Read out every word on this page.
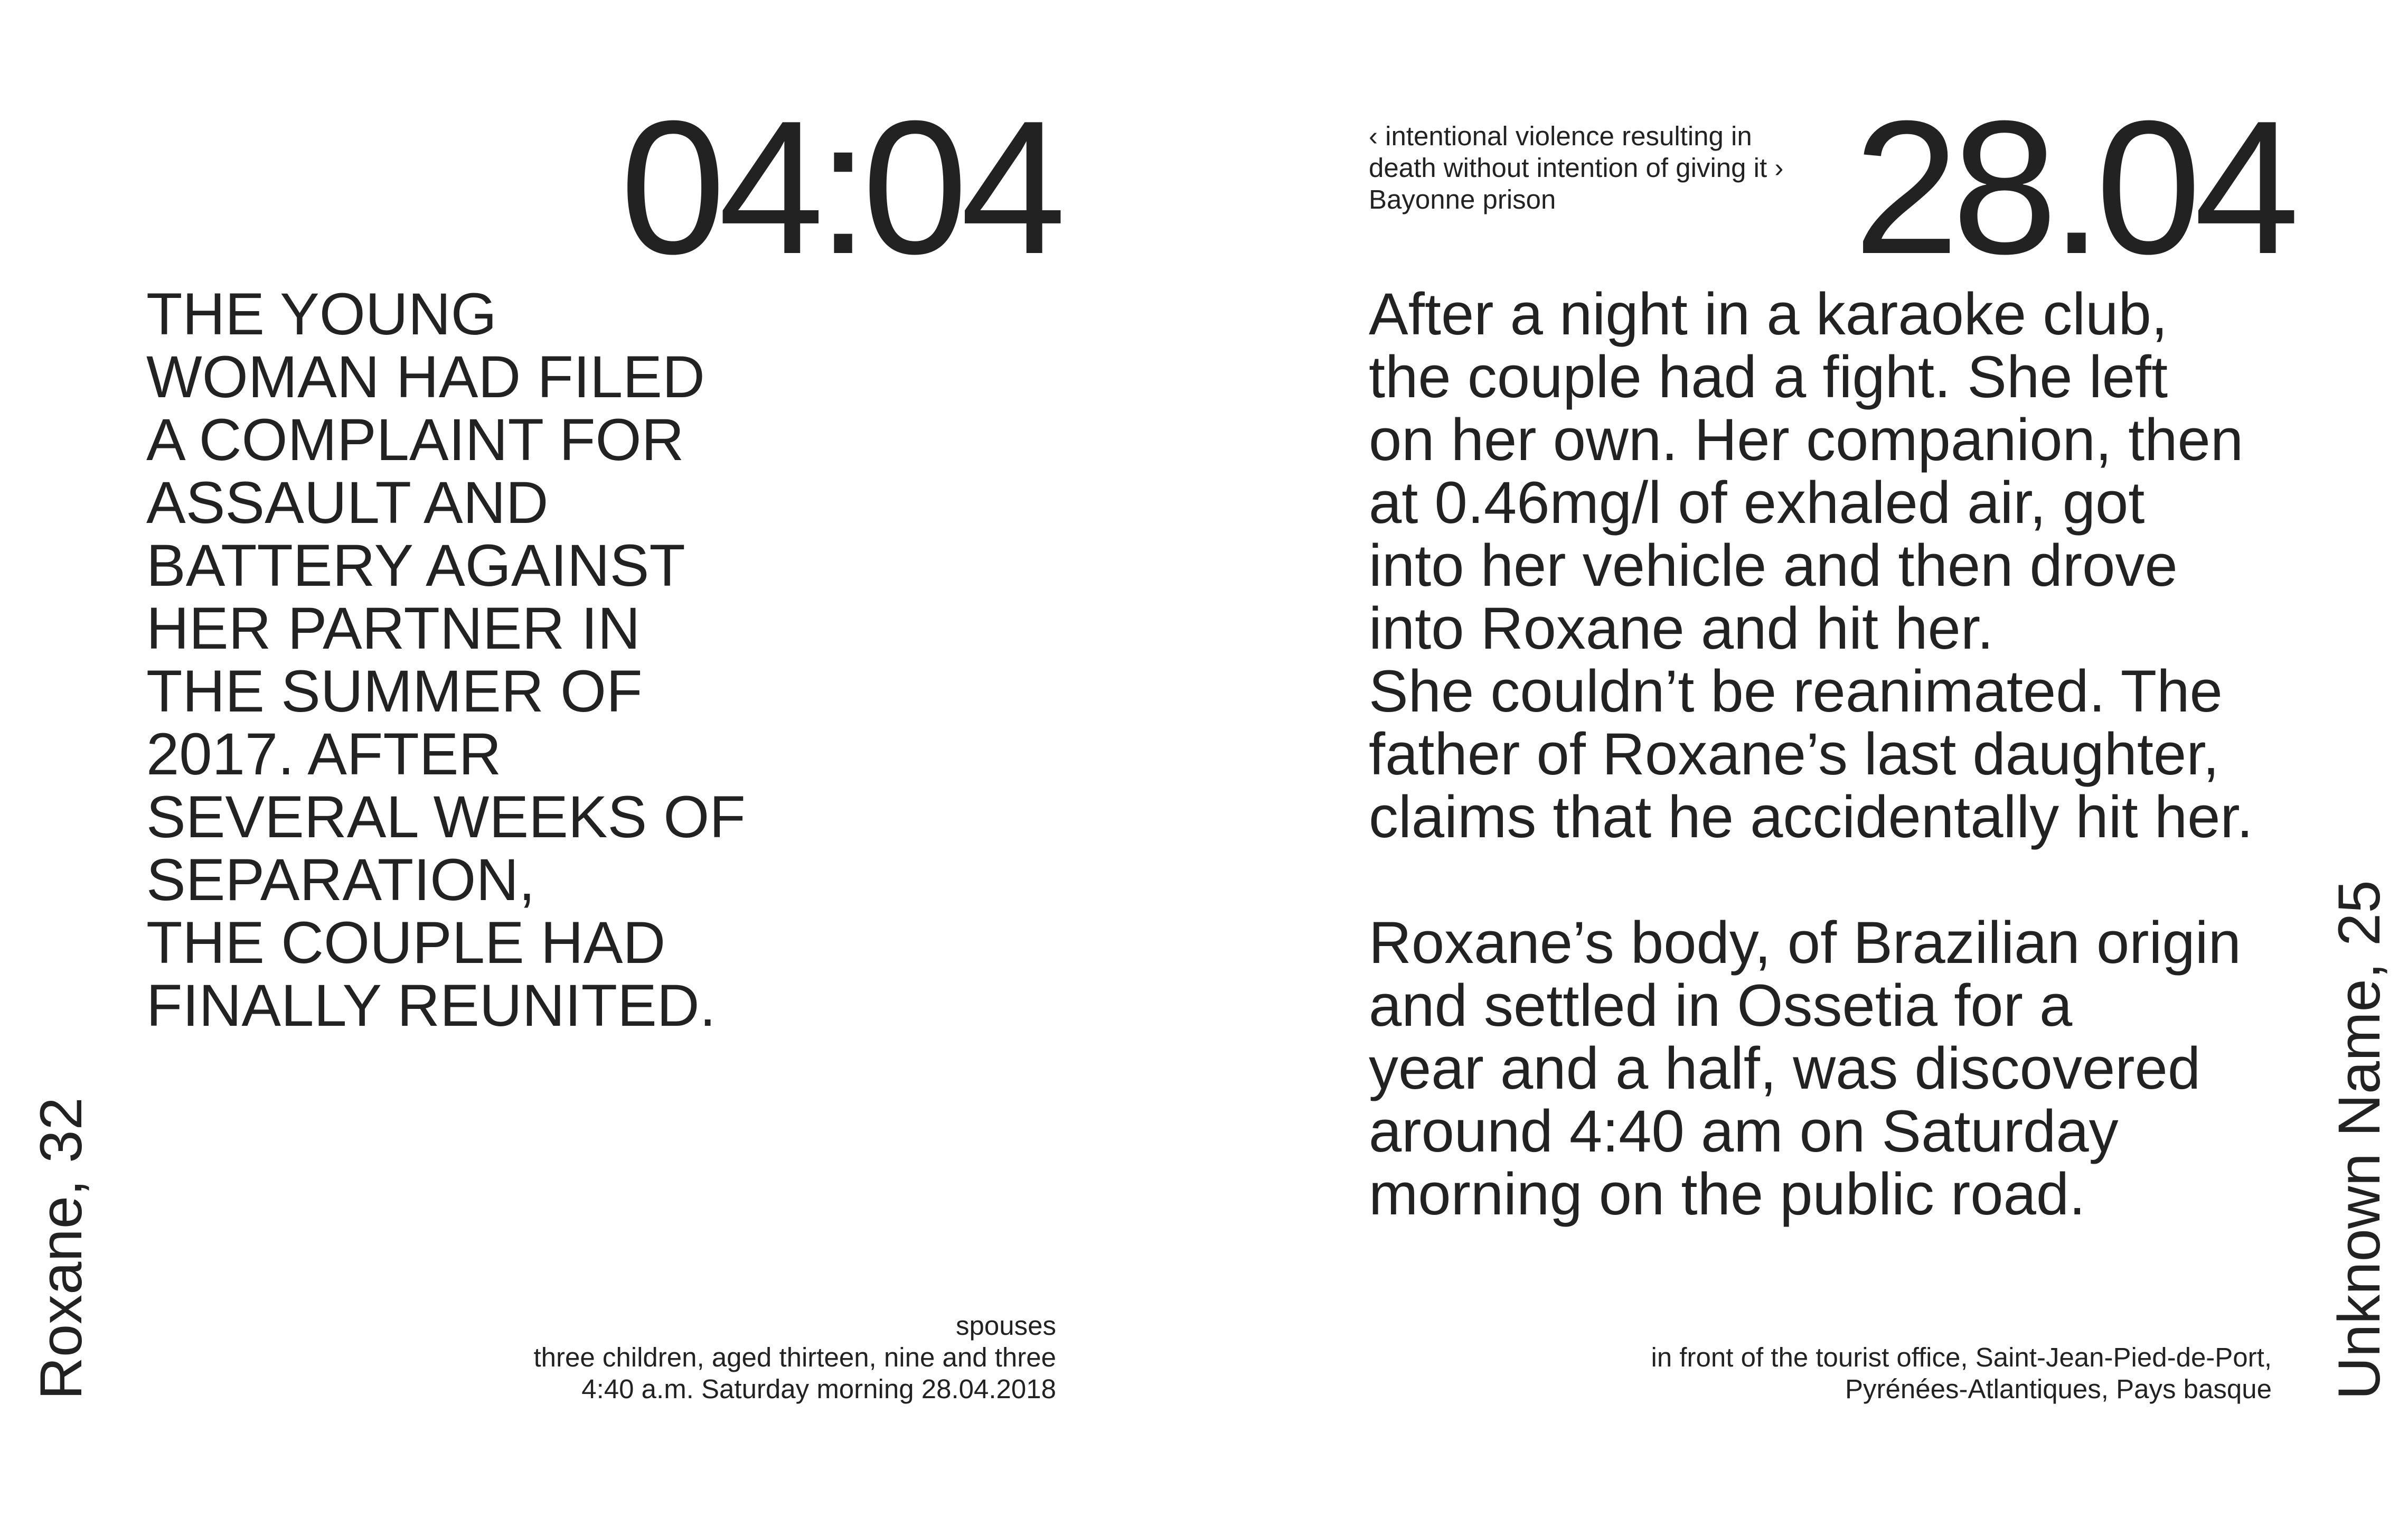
04:04

THE YOUNG
WOMAN HAD FILED
A COMPLAINT FOR
ASSAULT AND
BATTERY AGAINST
HER PARTNER IN
THE SUMMER OF
2017. AFTER
SEVERAL WEEKS OF
SEPARATION,
THE COUPLE HAD
FINALLY REUNITED.

spouses
three children, aged thirteen, nine and three
4:40 a.m. Saturday morning 28.04.2018
Roxane, 32
‹ intentional violence resulting in
death without intention of giving it ›
Bayonne prison	28.04
After a night in a karaoke club,
the couple had a fight. She left
on her own. Her companion, then
at 0.46mg/l of exhaled air, got
into her vehicle and then drove
into Roxane and hit her.
She couldn’t be reanimated. The
father of Roxane’s last daughter,
claims that he accidentally hit her.
Roxane’s body, of Brazilian origin
and settled in Ossetia for a
year and a half, was discovered
around 4:40 am on Saturday
morning on the public road.
in front of the tourist office, Saint-Jean-Pied-de-Port,
Pyrénées-Atlantiques, Pays basque Unknown Name, 25
